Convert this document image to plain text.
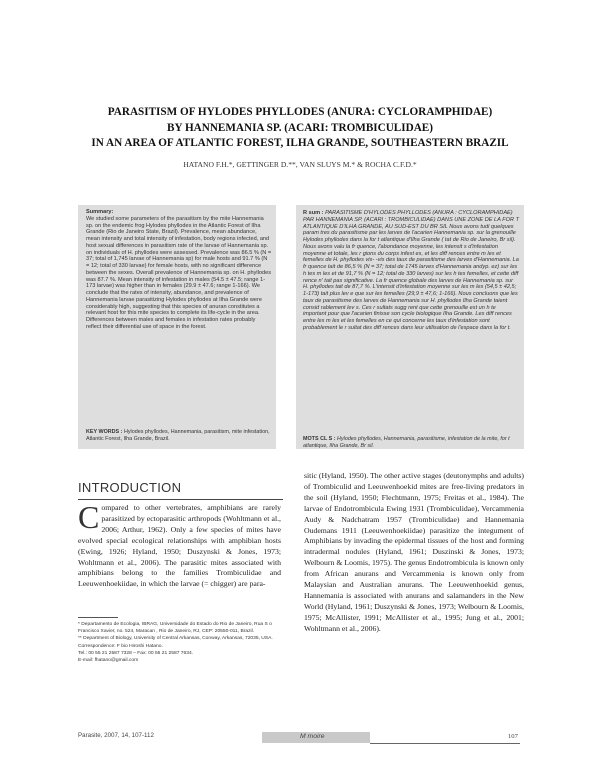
PARASITISM OF HYLODES PHYLLODES (ANURA: CYCLORAMPHIDAE)
BY HANNEMANIA SP. (ACARI: TROMBICULIDAE)
IN AN AREA OF ATLANTIC FOREST, ILHA GRANDE, SOUTHEASTERN BRAZIL
HATANO F.H.*, GETTINGER D.**, VAN SLUYS M.* & ROCHA C.F.D.*
Summary:
We studied some parameters of the parasitism by the mite Hannemania sp. on the endemic frog Hylodes phyllodes in the Atlantic Forest of Ilha Grande (Rio de Janeiro State, Brazil). Prevalence, mean abundance, mean intensity and total intensity of infestation, body regions infected, and host sexual differences in parasitism rate of the larvae of Hannemania sp. on individuals of H. phyllodes were assessed. Prevalence was 86.5 % (N = 37; total of 1,745 larvae of Hannemania sp) for male hosts and 91.7 % (N = 12; total of 330 larvae) for female hosts, with no significant difference between the sexes. Overall prevalence of Hannemania sp. on H. phyllodes was 87.7 %. Mean intensity of infestation in males (54.5 ± 47.5; range 1-173 larvae) was higher than in females (29.9 ± 47.6; range 1-166). We conclude that the rates of intensity, abundance, and prevalence of Hannemania larvae parasitizing Hylodes phyllodes at Ilha Grande were considerably high, suggesting that this species of anuran constitutes a relevant host for this mite species to complete its life-cycle in the area. Differences between males and females in infestation rates probably reflect their differential use of space in the forest.
KEY WORDS : Hylodes phyllodes, Hannemania, parasitism, mite infestation, Atlantic Forest, Ilha Grande, Brazil.
R sum : PARASITISME D'HYLODES PHYLLODES (ANURA : CYCLORAMPHIDAE) PAR HANNEMANIA SP. (ACARI : TROMBICULIDAE) DANS UNE ZONE DE LA FOR T ATLANTIQUE D'ILHA GRANDE, AU SUD-EST DU BR SIL Nous avons tudi quelques param tres du parasitisme par les larves de l'acarien Hannemania sp. sur la grenouille Hylodes phyllodes dans la for t atlantique d'Ilha Grande ( tat de Rio de Janeiro, Br sil). Nous avons valu la fr quence, l'abondance moyenne, les intensit s d'infestation moyenne et totale, les r gions du corps infest es, et les diff rences entre m les et femelles de H. phyllodes vis- -vis des taux de parasitisme des larves d'Hannemania. La fr quence tait de 86,5 % (N = 37; total de 1745 larves d'Hannemania andyp. ez) sur les h tes m les et de 91,7 % (N = 12; total de 330 larves) sur les h tes femelles, et cette diff rence n' tait pas significative. La fr quence globale des larves de Hannemania sp. sur H. phyllodes tait de 87,7 %. L'intensit d'infestation moyenne sur les m les (54,5 ± 42,5; 1-173) tait plus lev e que sur les femelles (29,9 ± 47,6; 1-166). Nous concluons que les taux de parasitisme des larves de Hannemania sur H. phyllodes Ilha Grande taient consid rablement lev s. Ces r sultats sugg rent que cette grenouille est un h te important pour que l'acarien finisse son cycle biologique Ilha Grande. Les diff rences entre les m les et les femelles en ce qui concerne les taux d'infestation sont probablement le r sultat des diff rences dans leur utilisation de l'espace dans la for t.
MOTS CL S : Hylodes phyllodes, Hannemania, parasitisme, infestation de la mite, for t atlantique, Ilha Grande, Br sil.
INTRODUCTION
Compared to other vertebrates, amphibians are rarely parasitized by ectoparasitic arthropods (Wohltmann et al., 2006; Arthur, 1962). Only a few species of mites have evolved special ecological relationships with amphibian hosts (Ewing, 1926; Hyland, 1950; Duszynski & Jones, 1973; Wohltmann et al., 2006). The parasitic mites associated with amphibians belong to the families Trombiculidae and Leeuwenhoekiidae, in which the larvae (= chigger) are para-
* Departamento de Ecologia, IBRAG, Universidade do Estado do Rio de Janeiro, Rua S o Francisco Xavier, no. 524, Maracan , Rio de Janeiro, RJ, CEP: 20550-011, Brazil.
** Department of Biology, University of Central Arkansas, Conway, Arkansas, 72035, USA.
Correspondence: F bio Hiroshi Hatano.
Tel.: 00 55 21 2587 7328 – Fax: 00 55 21 2587 7634.
E-mail: fhatano@gmail.com
sitic (Hyland, 1950). The other active stages (deutonymphs and adults) of Trombiculid and Leeuwenhoekid mites are free-living predators in the soil (Hyland, 1950; Flechtmann, 1975; Freitas et al., 1984). The larvae of Endotrombicula Ewing 1931 (Trombiculidae), Vercammenia Audy & Nadchatram 1957 (Trombiculidae) and Hannemania Oudemans 1911 (Leeuwenhoekiidae) parasitize the integument of Amphibians by invading the epidermal tissues of the host and forming intradermal nodules (Hyland, 1961; Duszinski & Jones, 1973; Welbourn & Loomis, 1975). The genus Endotrombicula is known only from African anurans and Vercammenia is known only from Malaysian and Australian anurans. The Leeuwenhoekid genus, Hannemania is associated with anurans and salamanders in the New World (Hyland, 1961; Duszynski & Jones, 1973; Welbourn & Loomis, 1975; McAllister, 1991; McAllister et al., 1995; Jung et al., 2001; Wohltmann et al., 2006).
Parasite, 2007, 14, 107-112	M moire	107
